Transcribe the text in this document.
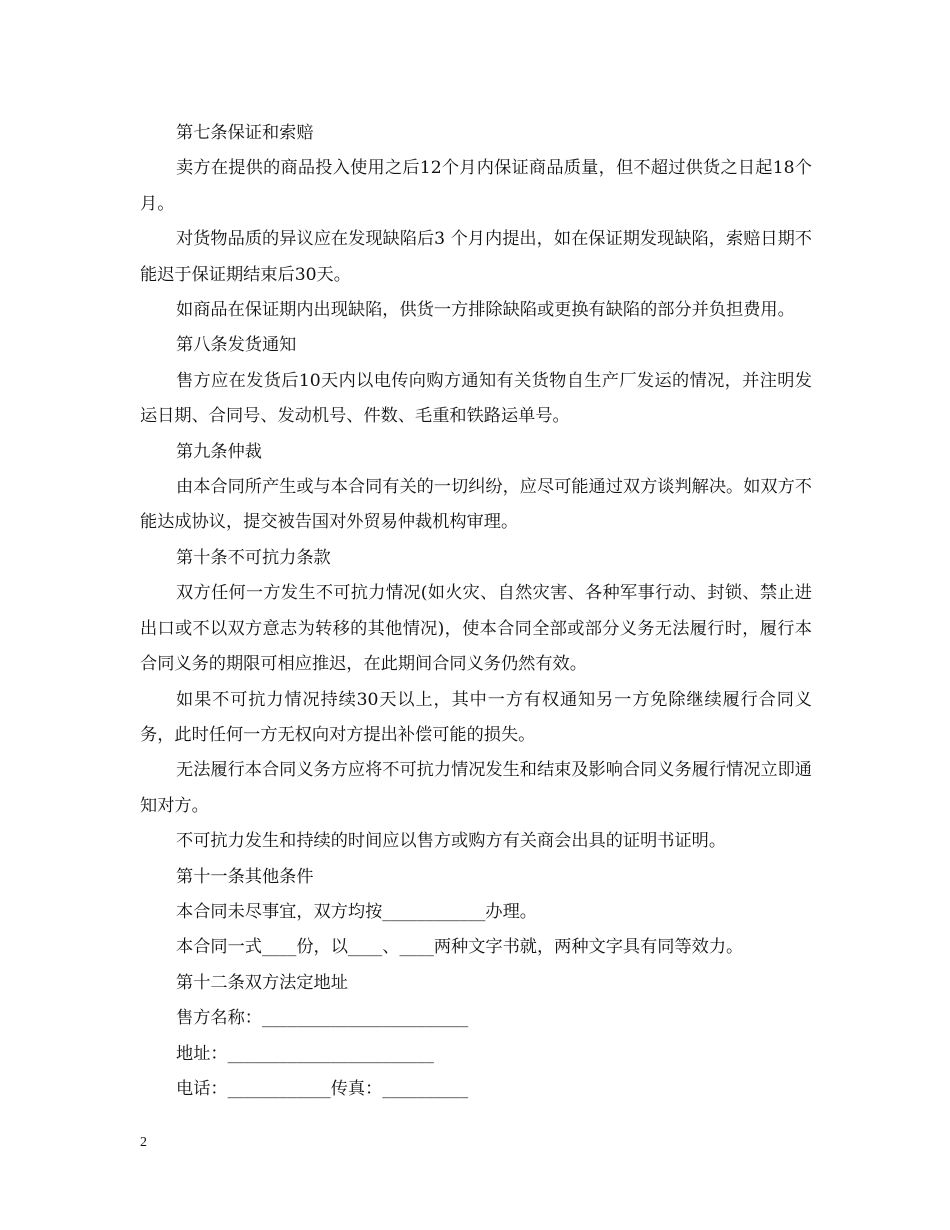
第七条保证和索赔

卖方在提供的商品投入使用之后12个月内保证商品质量，但不超过供货之日起18个月。

对货物品质的异议应在发现缺陷后3 个月内提出，如在保证期发现缺陷，索赔日期不能迟于保证期结束后30天。

如商品在保证期内出现缺陷，供货一方排除缺陷或更换有缺陷的部分并负担费用。

第八条发货通知

售方应在发货后10天内以电传向购方通知有关货物自生产厂发运的情况，并注明发运日期、合同号、发动机号、件数、毛重和铁路运单号。

第九条仲裁

由本合同所产生或与本合同有关的一切纠纷，应尽可能通过双方谈判解决。如双方不能达成协议，提交被告国对外贸易仲裁机构审理。

第十条不可抗力条款

双方任何一方发生不可抗力情况(如火灾、自然灾害、各种军事行动、封锁、禁止进出口或不以双方意志为转移的其他情况)，使本合同全部或部分义务无法履行时，履行本合同义务的期限可相应推迟，在此期间合同义务仍然有效。

如果不可抗力情况持续30天以上，其中一方有权通知另一方免除继续履行合同义务，此时任何一方无权向对方提出补偿可能的损失。

无法履行本合同义务方应将不可抗力情况发生和结束及影响合同义务履行情况立即通知对方。

不可抗力发生和持续的时间应以售方或购方有关商会出具的证明书证明。

第十一条其他条件

本合同未尽事宜，双方均按____________办理。

本合同一式____份，以____、____两种文字书就，两种文字具有同等效力。

第十二条双方法定地址

售方名称：________________________

地址：________________________

电话：____________传真：__________

2
